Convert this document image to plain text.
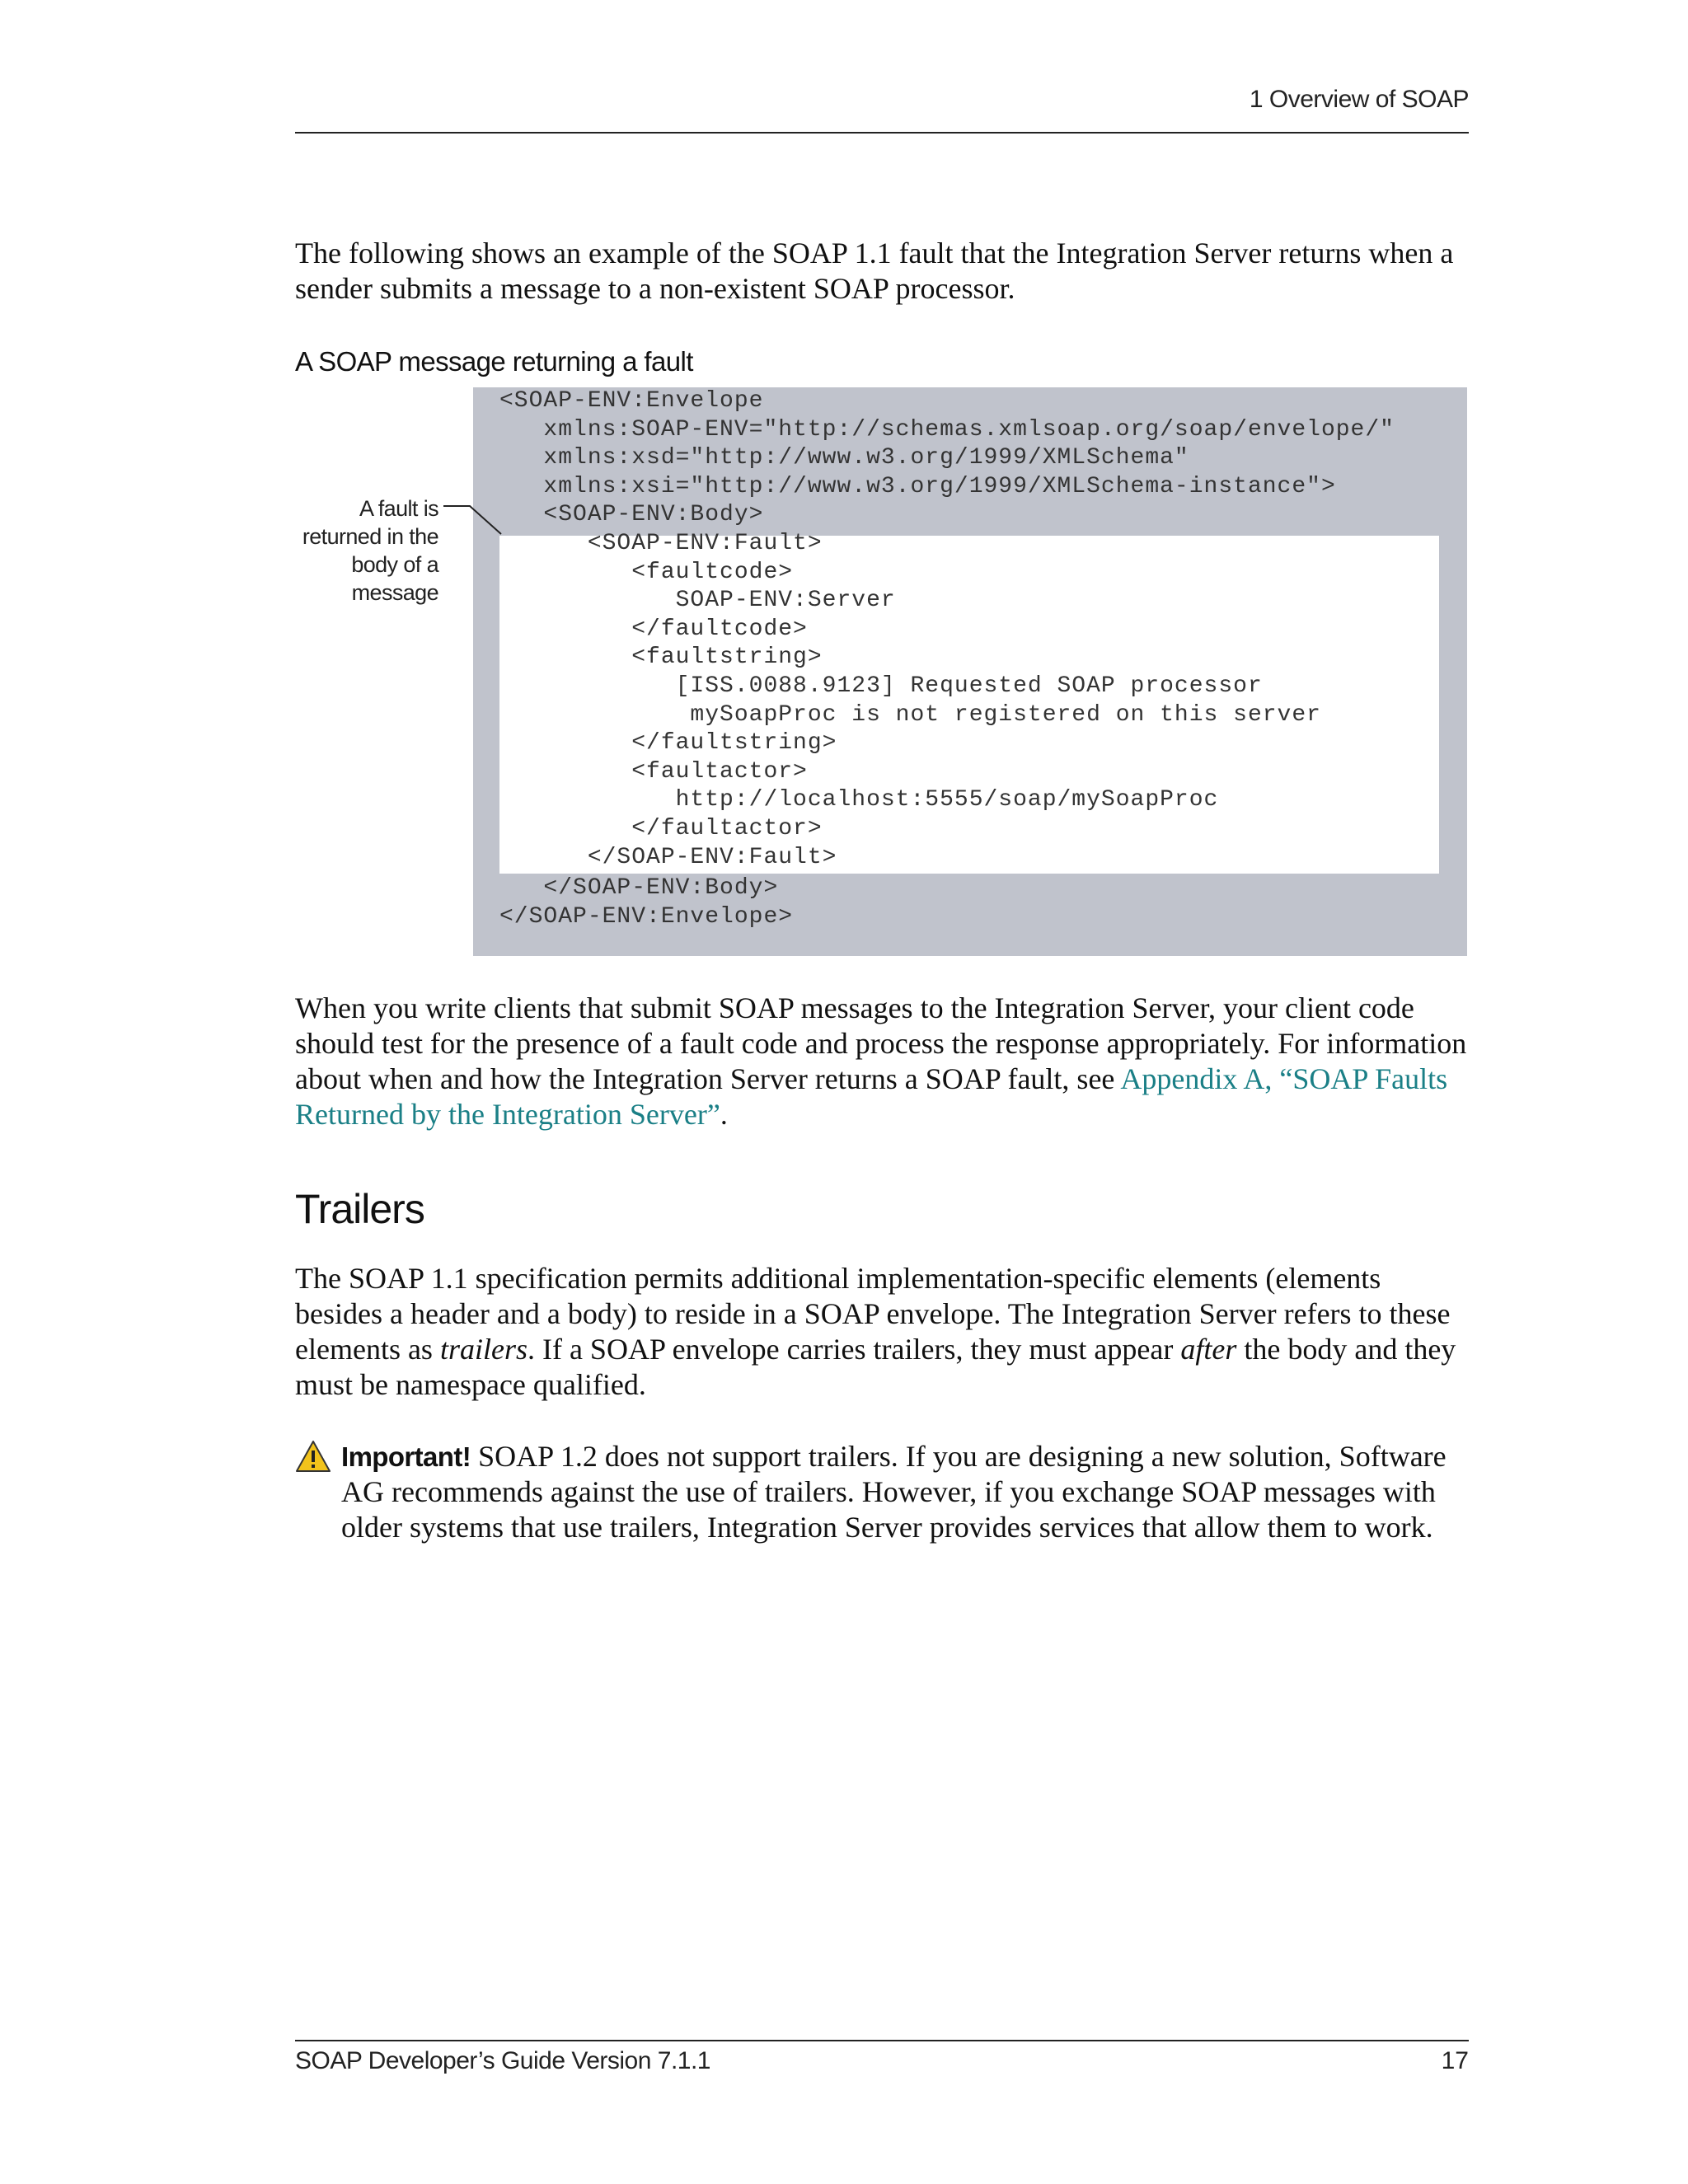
1 Overview of SOAP

The following shows an example of the SOAP 1.1 fault that the Integration Server returns when a sender submits a message to a non-existent SOAP processor.

A SOAP message returning a fault
<SOAP-ENV:Envelope
xmlns:SOAP-ENV="http://schemas.xmlsoap.org/soap/envelope/"
xmlns:xsd="http://www.w3.org/1999/XMLSchema"
xmlns:xsi="http://www.w3.org/1999/XMLSchema-instance">
<SOAP-ENV:Body>
<SOAP-ENV:Fault>
<faultcode>
SOAP-ENV:Server
</faultcode>
<faultstring>
[ISS.0088.9123] Requested SOAP processor
mySoapProc is not registered on this server
</faultstring>
<faultactor>
http://localhost:5555/soap/mySoapProc
</faultactor>
</SOAP-ENV:Fault>
</SOAP-ENV:Body>
</SOAP-ENV:Envelope>
A fault is returned in the body of a message

When you write clients that submit SOAP messages to the Integration Server, your client code should test for the presence of a fault code and process the response appropriately. For information about when and how the Integration Server returns a SOAP fault, see Appendix A, “SOAP Faults Returned by the Integration Server”.

Trailers

The SOAP 1.1 specification permits additional implementation-specific elements (elements besides a header and a body) to reside in a SOAP envelope. The Integration Server refers to these elements as trailers. If a SOAP envelope carries trailers, they must appear after the body and they must be namespace qualified.

Important! SOAP 1.2 does not support trailers. If you are designing a new solution, Software AG recommends against the use of trailers. However, if you exchange SOAP messages with older systems that use trailers, Integration Server provides services that allow them to work.

SOAP Developer’s Guide Version 7.1.1	17
